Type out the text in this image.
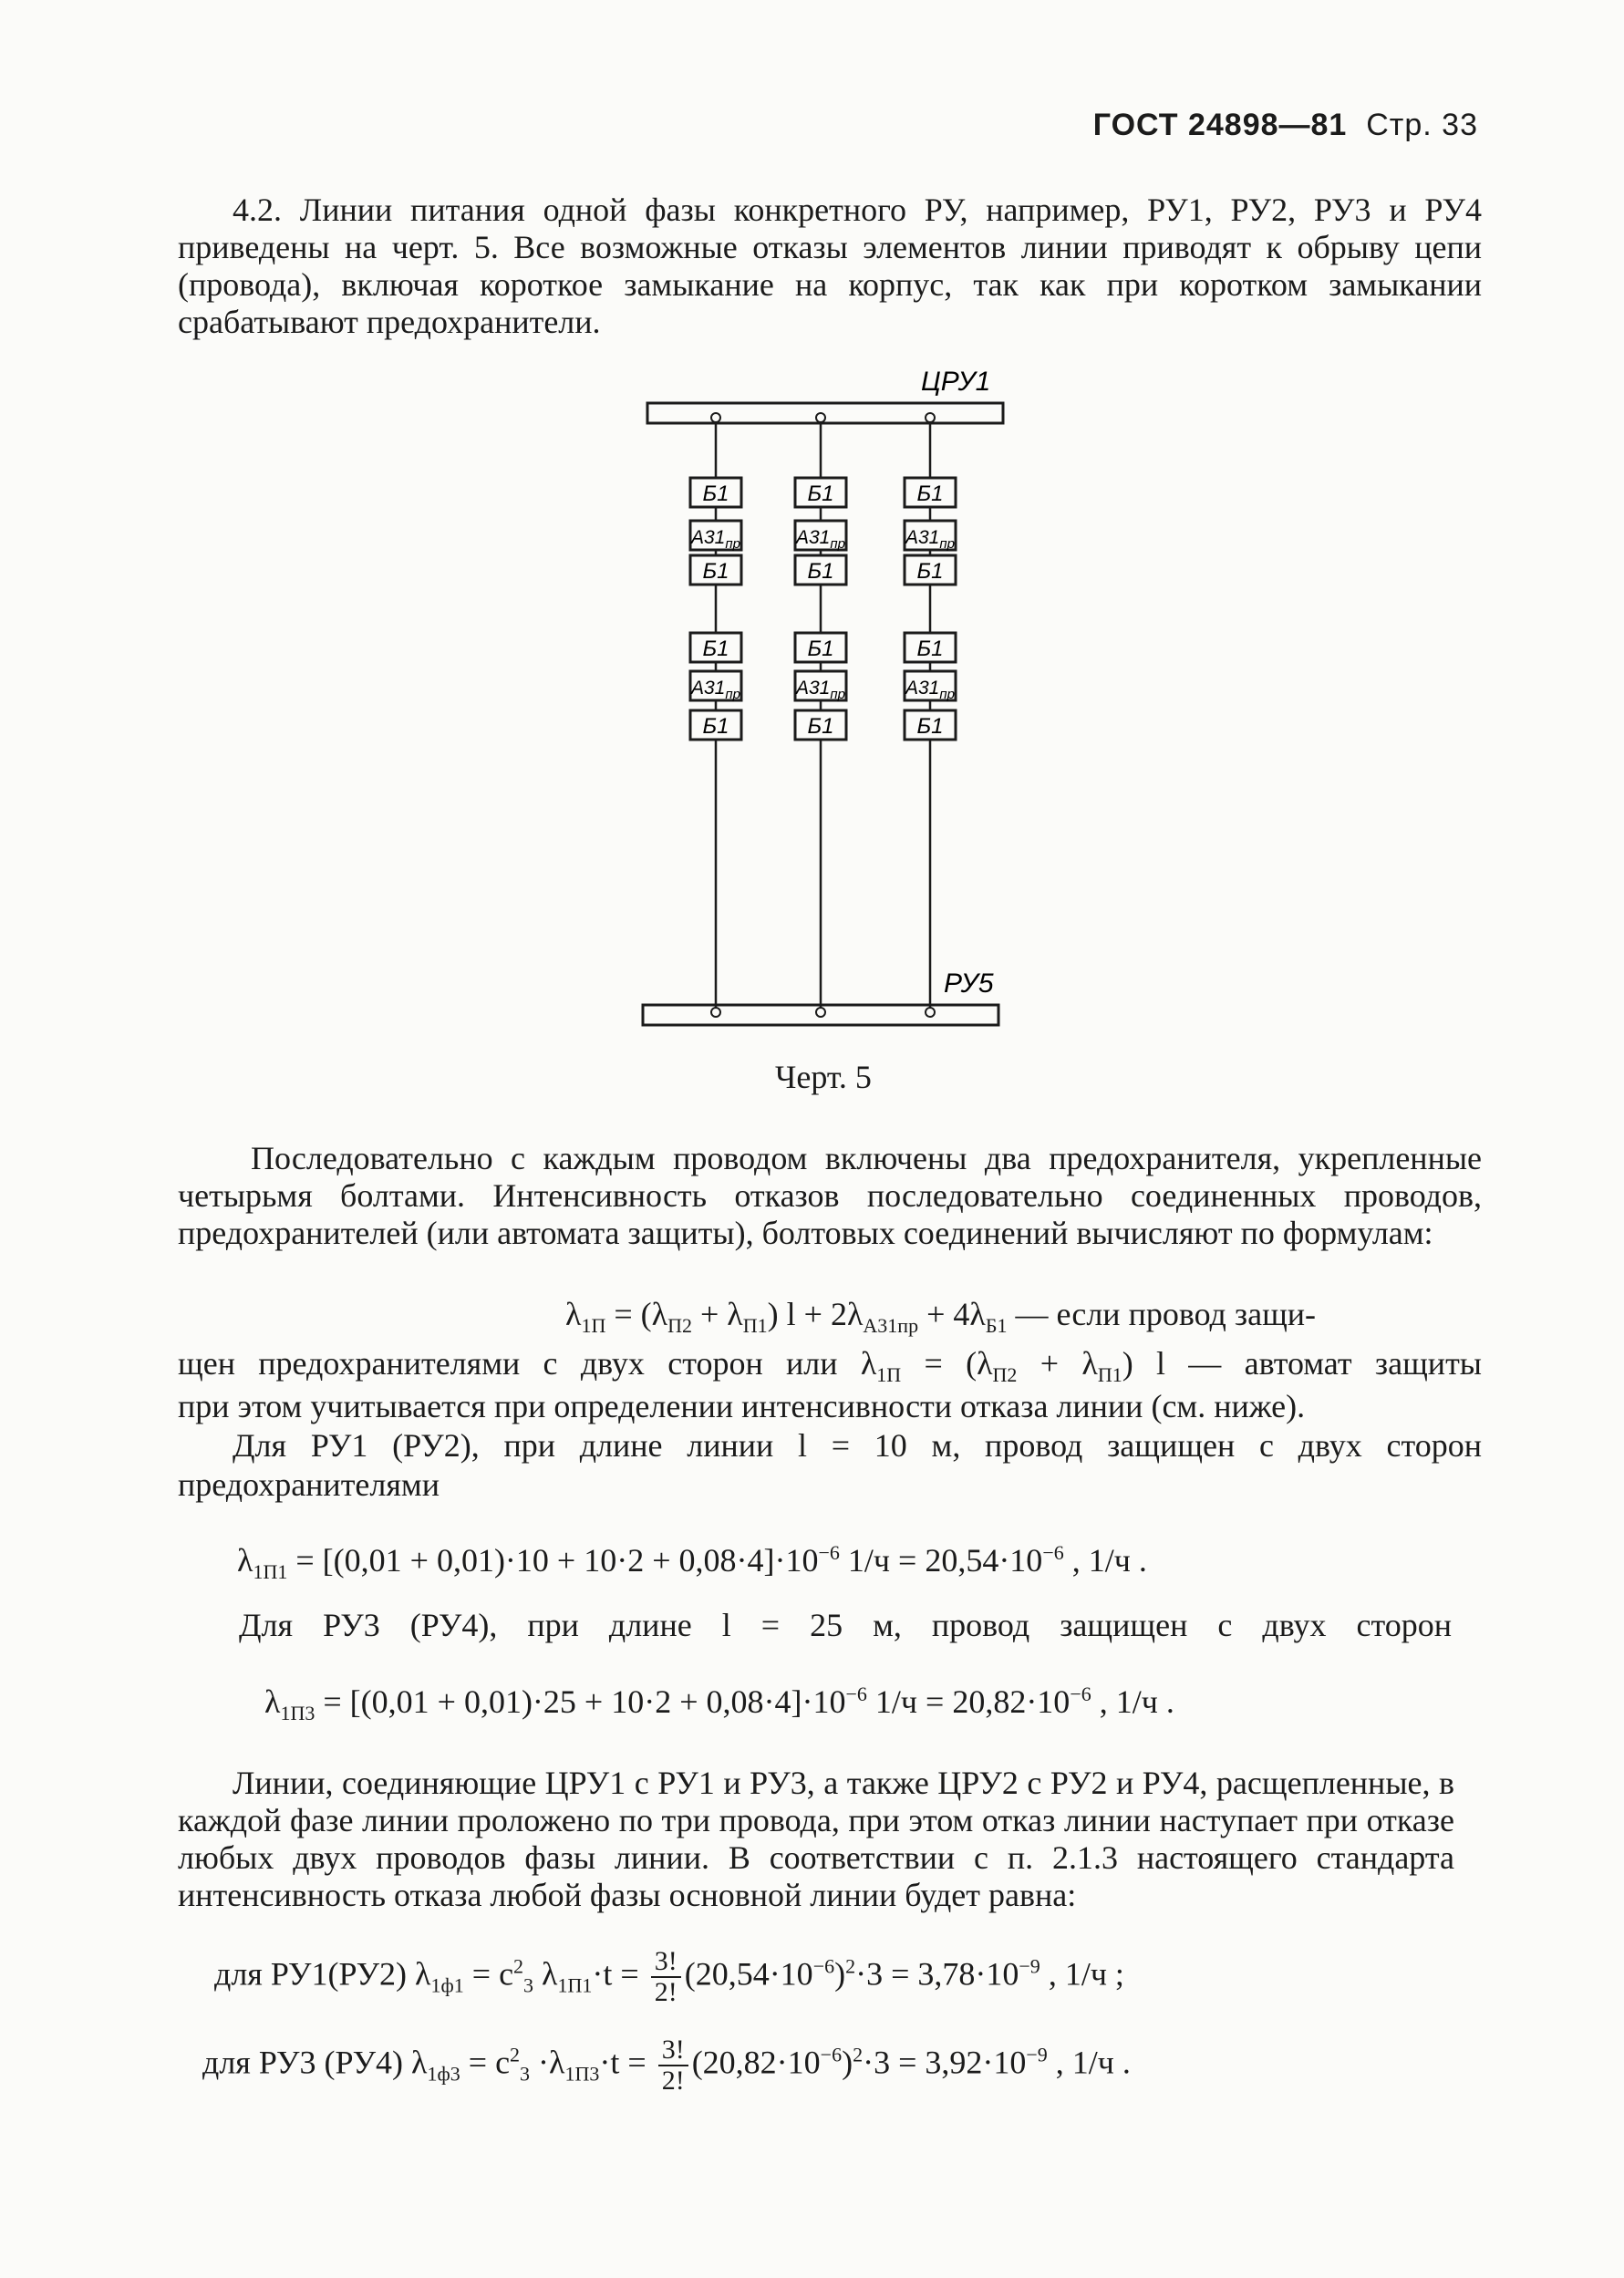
ГОСТ 24898—81 Стр. 33
4.2. Линии питания одной фазы конкретного РУ, например, РУ1, РУ2, РУ3 и РУ4 приведены на черт. 5. Все возможные отказы элементов линии приводят к обрыву цепи (провода), включая короткое замыкание на корпус, так как при коротком замыкании срабатывают предохранители.
ЦРУ1
Б1
$А31_{пр}$
Б1
Б1
$А31_{пр}$
Б1
Б1
$А31_{пр}$
Б1
Б1
$А31_{пр}$
Б1
Б1
$А31_{пр}$
Б1
Б1
$А31_{пр}$
Б1
РУ5
Черт. 5
Последовательно с каждым проводом включены два предохранителя, укрепленные четырьмя болтами. Интенсивность отказов последовательно соединенных проводов, предохранителей (или автомата защиты), болтовых соединений вычисляют по формулам:
$\lambda_{1П} = (\lambda_{П2} + \lambda_{П1}) l + 2\lambda_{А31пр} + 4\lambda_{Б1}$ — если провод защи-
щен предохранителями с двух сторон или $\lambda_{1П} = (\lambda_{П2} + \lambda_{П1})$ l — автомат защиты
при этом учитывается при определении интенсивности отказа линии (см. ниже).
Для РУ1 (РУ2), при длине линии l = 10 м, провод защищен с двух сторон
предохранителями
$\lambda_{1П1} = [(0,01 + 0,01)\cdot 10 + 10\cdot 2 + 0,08\cdot 4]\cdot 10^{-6}$ $1/ч = 20,54\cdot 10^{-6}$ , 1/ч .
Для РУ3 (РУ4), при длине l = 25 м, провод защищен с двух сторон
$\lambda_{1П3} = [(0,01 + 0,01)\cdot 25 + 10\cdot 2 + 0,08\cdot 4]\cdot 10^{-6}$ $1/ч = 20,82\cdot 10^{-6}$ , 1/ч .
Линии, соединяющие ЦРУ1 с РУ1 и РУ3, а также ЦРУ2 с РУ2 и РУ4, расщепленные, в каждой фазе линии проложено по три провода, при этом отказ линии наступает при отказе любых двух проводов фазы линии. В соответствии с п. 2.1.3 настоящего стандарта интенсивность отказа любой фазы основной линии будет равна:
для РУ1(РУ2) $\lambda_{1ф1} = c^2_3$ $\lambda_{1П1}\cdot t = \frac{3!}{2!} (20,54\cdot 10^{-6})^2\cdot 3 = 3,78\cdot 10^{-9}$ , 1/ч ;
для РУ3 (РУ4) $\lambda_{1ф3} = c^2_3 \cdot\lambda_{1П3}\cdot t = \frac{3!}{2!} (20,82\cdot 10^{-6})^2\cdot 3 = 3,92\cdot 10^{-9}$ , 1/ч .
